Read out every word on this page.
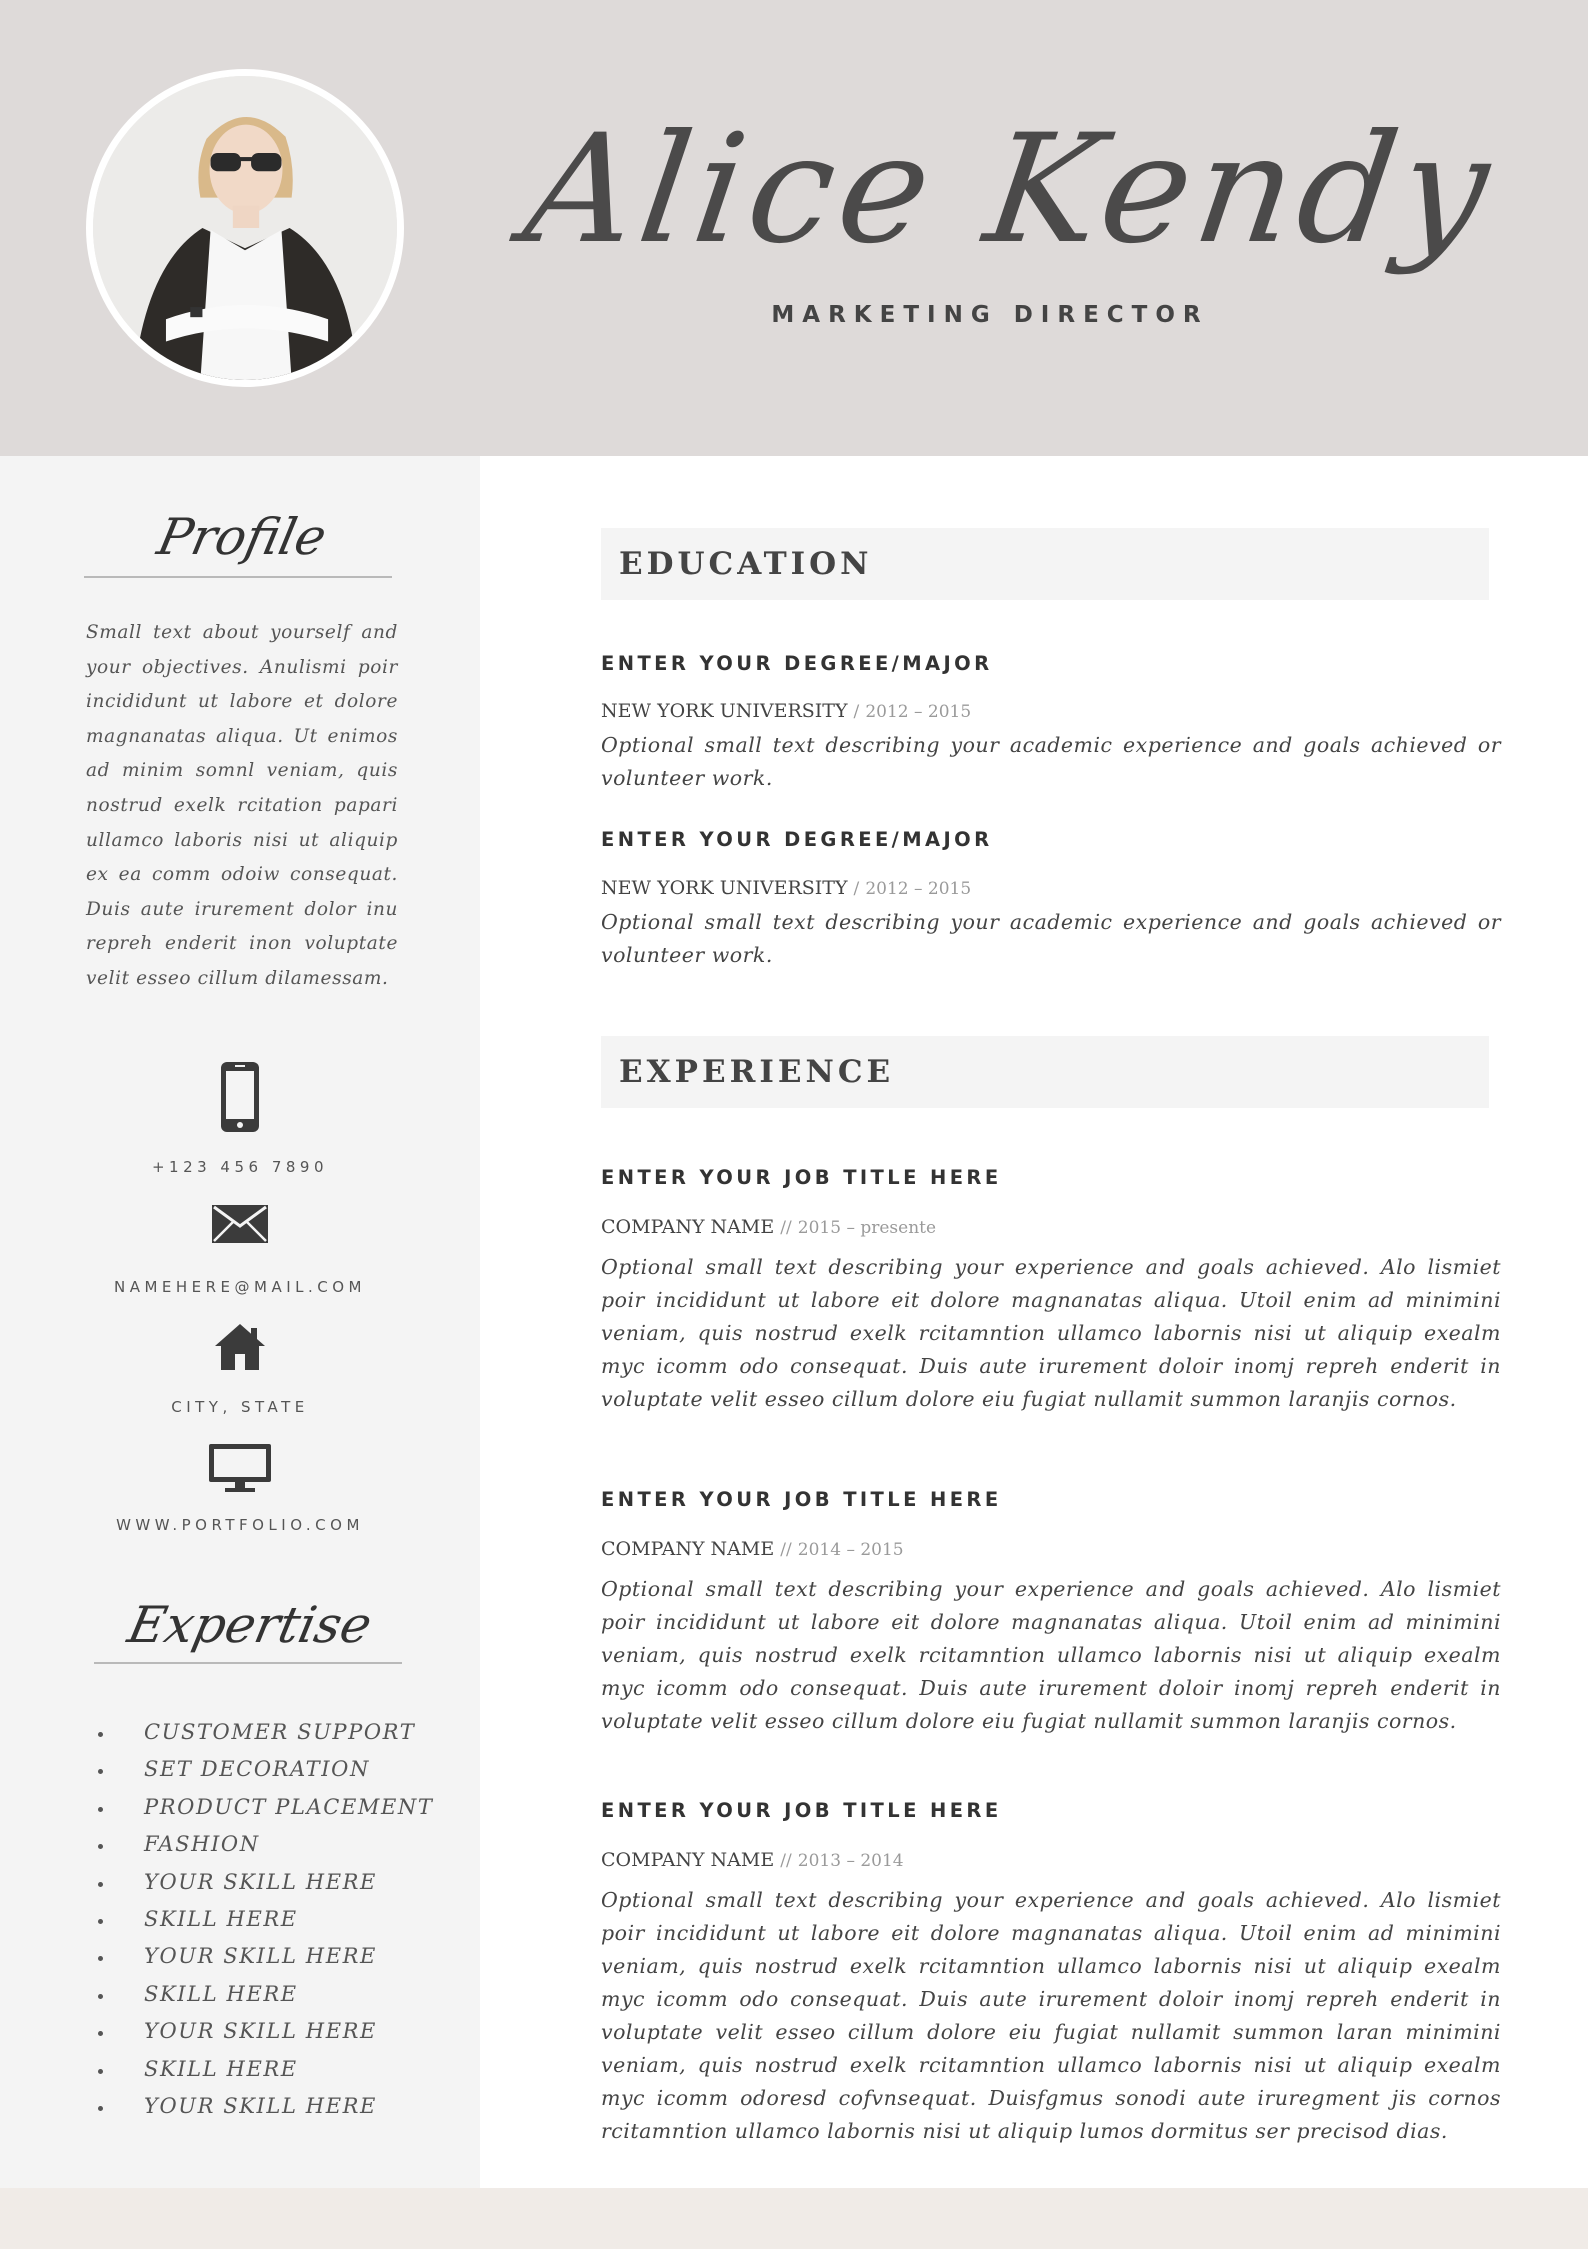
Alice Kendy
MARKETING DIRECTOR
Profile
Small text about yourself and your objectives. Anulismi poir incididunt ut labore et dolore magnanatas aliqua. Ut enimos ad minim somnl veniam, quis nostrud exelk rcitation papari ullamco laboris nisi ut aliquip ex ea comm odoiw consequat. Duis aute irurement dolor inu repreh enderit inon voluptate velit esseo cillum dilamessam.
+123 456 7890
NAMEHERE@MAIL.COM
CITY, STATE
WWW.PORTFOLIO.COM
Expertise
CUSTOMER SUPPORT
SET DECORATION
PRODUCT PLACEMENT
FASHION
YOUR SKILL HERE
SKILL HERE
YOUR SKILL HERE
SKILL HERE
YOUR SKILL HERE
SKILL HERE
YOUR SKILL HERE
EDUCATION
ENTER YOUR DEGREE/MAJOR
NEW YORK UNIVERSITY / 2012 – 2015
Optional small text describing your academic experience and goals achieved or volunteer work.
ENTER YOUR DEGREE/MAJOR
NEW YORK UNIVERSITY / 2012 – 2015
Optional small text describing your academic experience and goals achieved or volunteer work.
EXPERIENCE
ENTER YOUR JOB TITLE HERE
COMPANY NAME // 2015 – presente
Optional small text describing your experience and goals achieved. Alo lismiet poir incididunt ut labore eit dolore magnanatas aliqua. Utoil enim ad minimini veniam, quis nostrud exelk rcitamntion ullamco labornis nisi ut aliquip exealm myc icomm odo consequat. Duis aute irurement doloir inomj repreh enderit in voluptate velit esseo cillum dolore eiu fugiat nullamit summon laranjis cornos.
ENTER YOUR JOB TITLE HERE
COMPANY NAME // 2014 – 2015
Optional small text describing your experience and goals achieved. Alo lismiet poir incididunt ut labore eit dolore magnanatas aliqua. Utoil enim ad minimini veniam, quis nostrud exelk rcitamntion ullamco labornis nisi ut aliquip exealm myc icomm odo consequat. Duis aute irurement doloir inomj repreh enderit in voluptate velit esseo cillum dolore eiu fugiat nullamit summon laranjis cornos.
ENTER YOUR JOB TITLE HERE
COMPANY NAME // 2013 – 2014
Optional small text describing your experience and goals achieved. Alo lismiet poir incididunt ut labore eit dolore magnanatas aliqua. Utoil enim ad minimini veniam, quis nostrud exelk rcitamntion ullamco labornis nisi ut aliquip exealm myc icomm odo consequat. Duis aute irurement doloir inomj repreh enderit in voluptate velit esseo cillum dolore eiu fugiat nullamit summon laran minimini veniam, quis nostrud exelk rcitamntion ullamco labornis nisi ut aliquip exealm myc icomm odoresd cofvnsequat. Duisfgmus sonodi aute iruregment jis cornos rcitamntion ullamco labornis nisi ut aliquip lumos dormitus ser precisod dias.
